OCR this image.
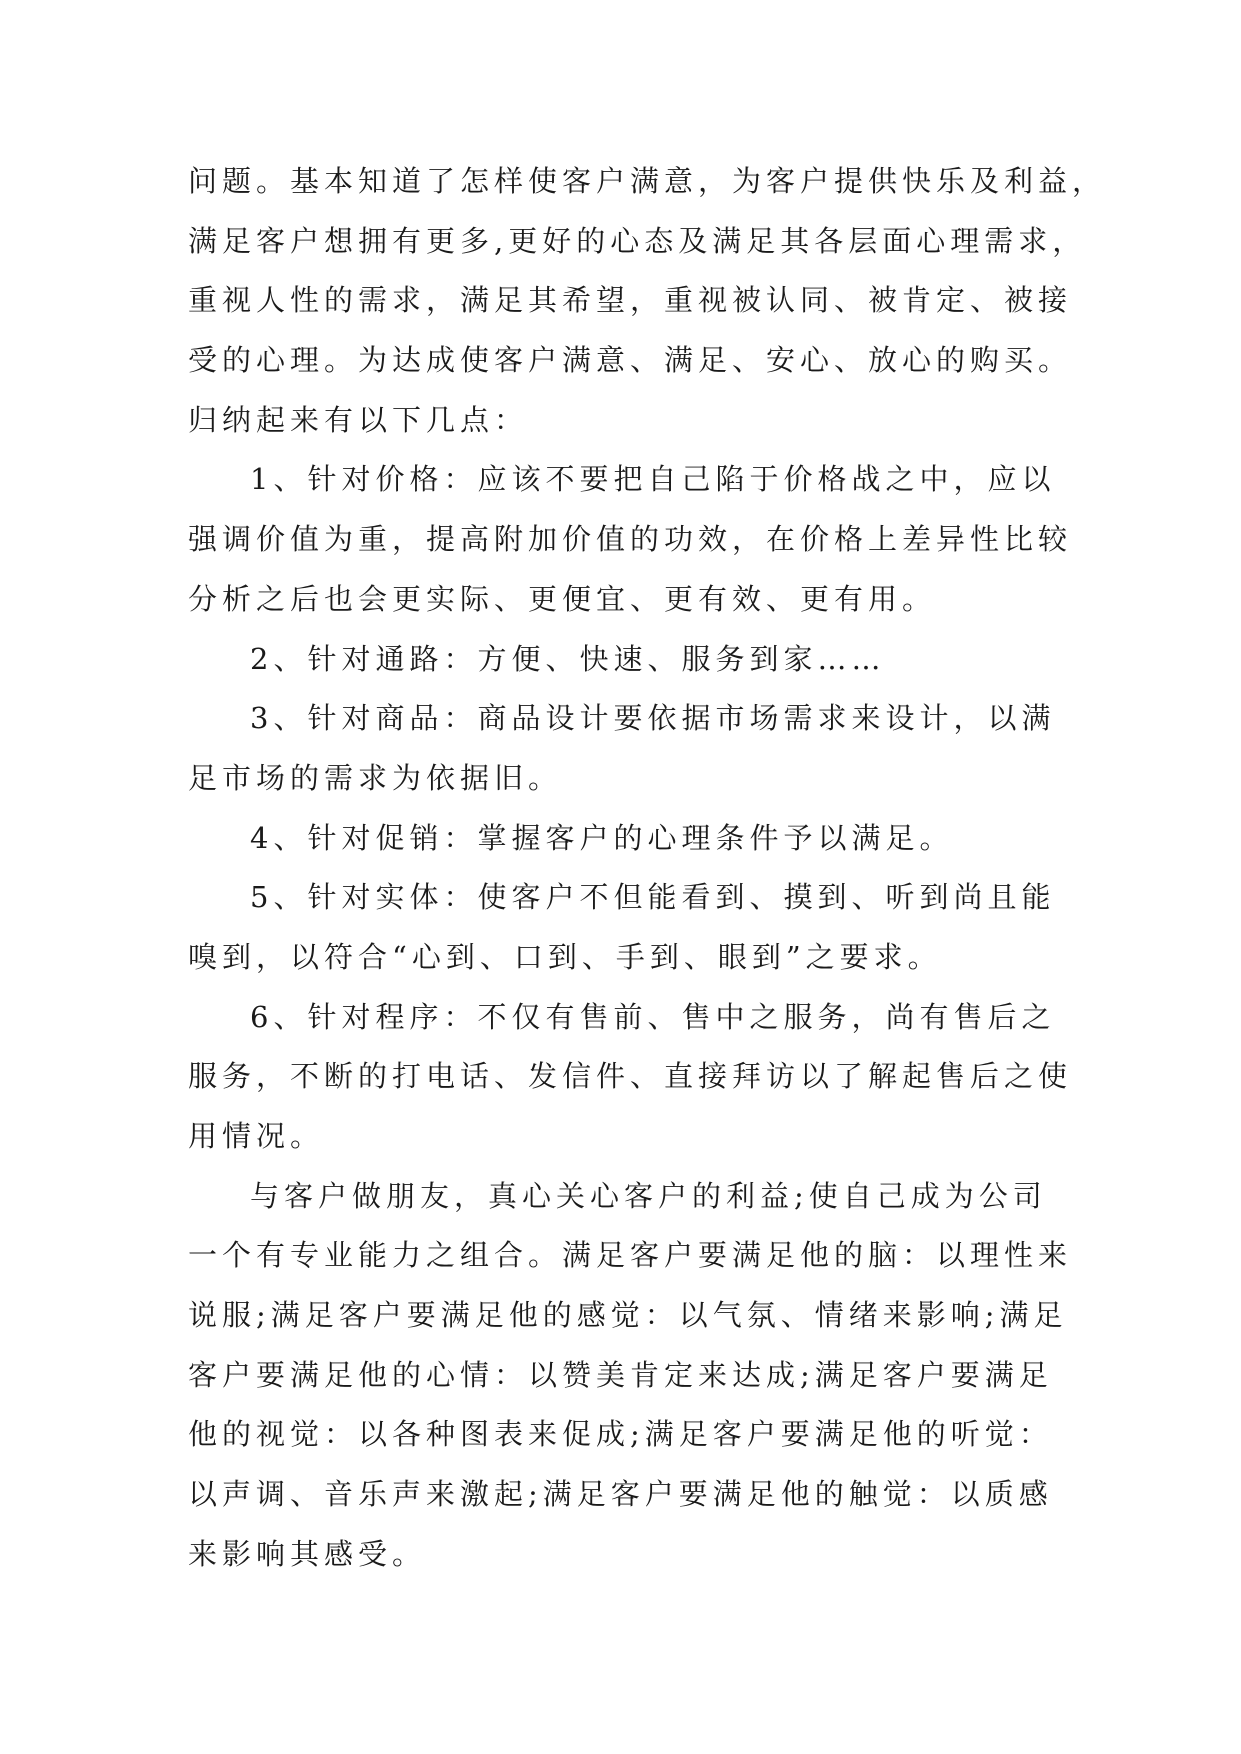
问题。基本知道了怎样使客户满意，为客户提供快乐及利益，
满足客户想拥有更多,更好的心态及满足其各层面心理需求，
重视人性的需求，满足其希望，重视被认同、被肯定、被接
受的心理。为达成使客户满意、满足、安心、放心的购买。
归纳起来有以下几点：
1、针对价格：应该不要把自己陷于价格战之中，应以
强调价值为重，提高附加价值的功效，在价格上差异性比较
分析之后也会更实际、更便宜、更有效、更有用。
2、针对通路：方便、快速、服务到家……
3、针对商品：商品设计要依据市场需求来设计，以满
足市场的需求为依据旧。
4、针对促销：掌握客户的心理条件予以满足。
5、针对实体：使客户不但能看到、摸到、听到尚且能
嗅到，以符合“心到、口到、手到、眼到”之要求。
6、针对程序：不仅有售前、售中之服务，尚有售后之
服务，不断的打电话、发信件、直接拜访以了解起售后之使
用情况。
与客户做朋友，真心关心客户的利益;使自己成为公司
一个有专业能力之组合。满足客户要满足他的脑：以理性来
说服;满足客户要满足他的感觉：以气氛、情绪来影响;满足
客户要满足他的心情：以赞美肯定来达成;满足客户要满足
他的视觉：以各种图表来促成;满足客户要满足他的听觉：
以声调、音乐声来激起;满足客户要满足他的触觉：以质感
来影响其感受。
